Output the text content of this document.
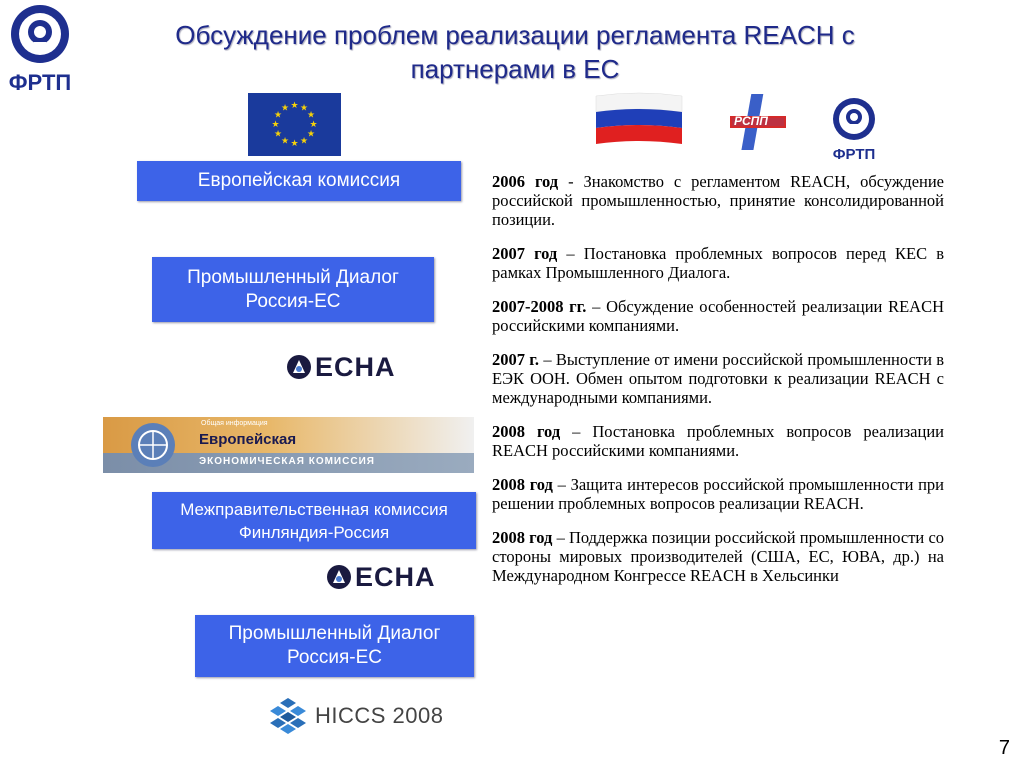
ФРТП
Обсуждение проблем реализации регламента REACH с партнерами в ЕС
★ ★
★
★
★
★
★
★
★
★
★
★
РСПП
ФРТП
Европейская комиссия
Промышленный Диалог Россия-ЕС
ECHA
Общая информация
Европейская
ЭКОНОМИЧЕСКАЯ КОМИССИЯ
Межправительственная комиссия Финляндия-Россия
ECHA
Промышленный Диалог Россия-ЕС
HICCS 2008
2006 год - Знакомство с регламентом REACH, обсуждение российской промышленностью, принятие консолидированной позиции.
2007 год – Постановка проблемных вопросов перед КЕС в рамках Промышленного Диалога.
2007-2008 гг. – Обсуждение особенностей реализации REACH российскими компаниями.
2007 г. – Выступление от имени российской промышленности в ЕЭК ООН. Обмен опытом подготовки к реализации REACH с международными компаниями.
2008 год – Постановка проблемных вопросов реализации REACH российскими компаниями.
2008 год – Защита интересов российской промышленности при решении проблемных вопросов реализации REACH.
2008 год – Поддержка позиции российской промышленности со стороны мировых производителей (США, ЕС, ЮВА, др.) на Международном Конгрессе REACH в Хельсинки
7
